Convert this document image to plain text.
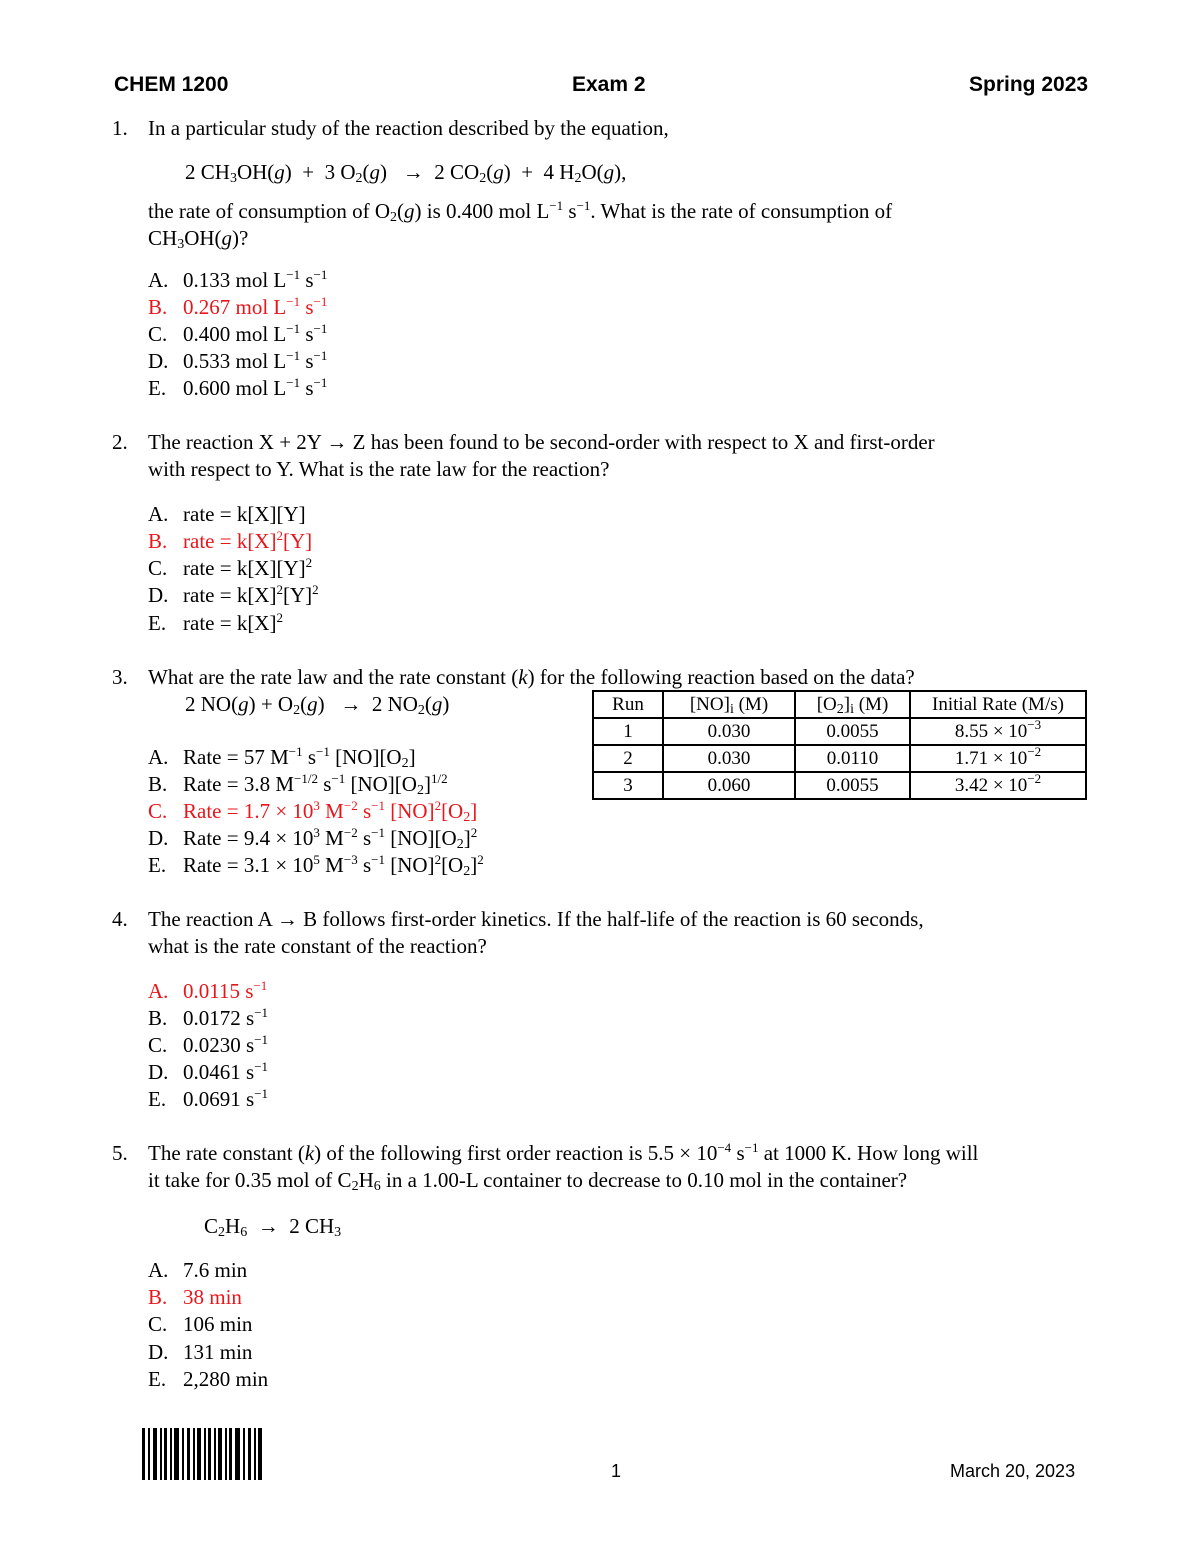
CHEM 1200	Exam 2	Spring 2023
1. In a particular study of the reaction described by the equation,
2 $CH_3OH(g) + 3$ $O_2(g) \to 2$ $CO_2(g) + 4$ $H_2O(g)$,
the rate of consumption of $O_2(g)$ is 0.400 mol $L^{-1}$ $s^{-1}$. What is the rate of consumption of
$CH_3OH(g)$?
A. 0.133 mol $L^{-1}$ $s^{-1}$
B. 0.267 mol $L^{-1}$ $s^{-1}$
C. 0.400 mol $L^{-1}$ $s^{-1}$
D. 0.533 mol $L^{-1}$ $s^{-1}$
E. 0.600 mol $L^{-1}$ $s^{-1}$
2. The reaction X + 2Y → Z has been found to be second-order with respect to X and first-order
with respect to Y. What is the rate law for the reaction?
A. rate = k[X][Y]
B. rate = $k[X]^2[Y]$
C. rate = $k[X][Y]^2$
D. rate = $k[X]^2[Y]^2$
E. rate = $k[X]^2$
3. What are the rate law and the rate constant (k) for the following reaction based on the data?
2 $NO(g) + O_2(g) \to 2$ $NO_2(g)$	Run	$[NO]_i$ (M)	$[O_2]_i$ (M)	Initial Rate (M/s)
1	0.030	0.0055	$8.55 \times 10^{-3}$
2	0.030	0.0110	$1.71 \times 10^{-2}$
3	0.060	0.0055	$3.42 \times 10^{-2}$
A. Rate = 57 $M^{-1}$ $s^{-1}$ $[NO][O_2]$
B. Rate = 3.8 $M^{-1/2}$ $s^{-1}$ $[NO][O_2]^{1/2}$
C. Rate = $1.7 \times 10^3$ $M^{-2}$ $s^{-1}$ $[NO]^2[O_2]$
D. Rate = $9.4 \times 10^3$ $M^{-2}$ $s^{-1}$ $[NO][O_2]^2$
E. Rate = $3.1 \times 10^5$ $M^{-3}$ $s^{-1}$ $[NO]^2[O_2]^2$
4. The reaction A → B follows first-order kinetics. If the half-life of the reaction is 60 seconds,
what is the rate constant of the reaction?
A. 0.0115 $s^{-1}$
B. 0.0172 $s^{-1}$
C. 0.0230 $s^{-1}$
D. 0.0461 $s^{-1}$
E. 0.0691 $s^{-1}$
5. The rate constant (k) of the following first order reaction is $5.5 \times 10^{-4}$ $s^{-1}$ at 1000 K. How long will
it take for 0.35 mol of $C_2H_6$ in a 1.00-L container to decrease to 0.10 mol in the container?
$C_2H_6 \to 2$ $CH_3$
A. 7.6 min
B. 38 min
C. 106 min
D. 131 min
E. 2,280 min
1	March 20, 2023
